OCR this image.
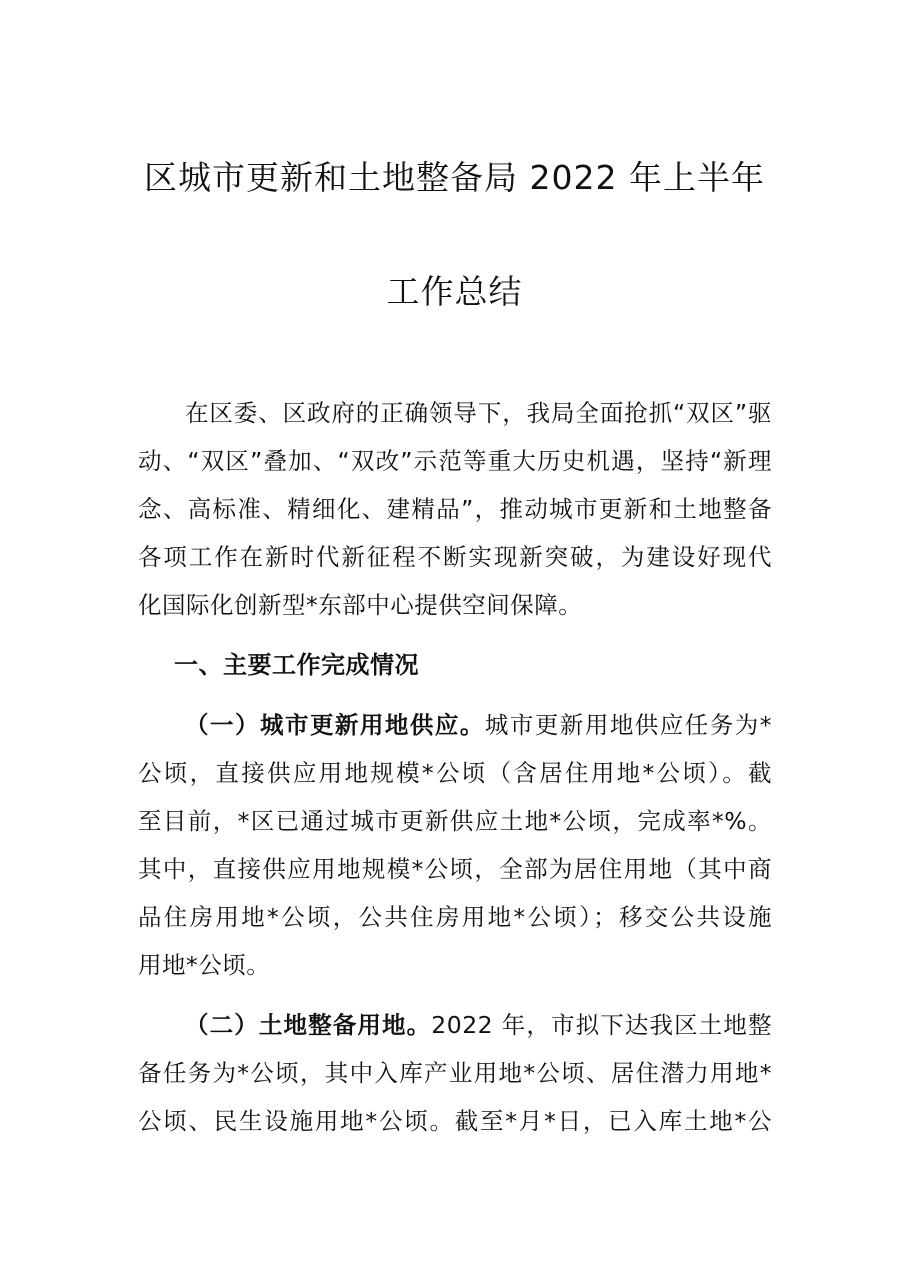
区城市更新和土地整备局 2022 年上半年
工作总结
在区委、区政府的正确领导下，我局全面抢抓“双区”驱
动、“双区”叠加、“双改”示范等重大历史机遇，坚持“新理
念、高标准、精细化、建精品”，推动城市更新和土地整备
各项工作在新时代新征程不断实现新突破，为建设好现代
化国际化创新型*东部中心提供空间保障。
一、主要工作完成情况
（一）城市更新用地供应。城市更新用地供应任务为*
公顷，直接供应用地规模*公顷（含居住用地*公顷）。截
至目前，*区已通过城市更新供应土地*公顷，完成率*%。
其中，直接供应用地规模*公顷，全部为居住用地（其中商
品住房用地*公顷，公共住房用地*公顷）；移交公共设施
用地*公顷。
（二）土地整备用地。2022 年，市拟下达我区土地整
备任务为*公顷，其中入库产业用地*公顷、居住潜力用地*
公顷、民生设施用地*公顷。截至*月*日，已入库土地*公
